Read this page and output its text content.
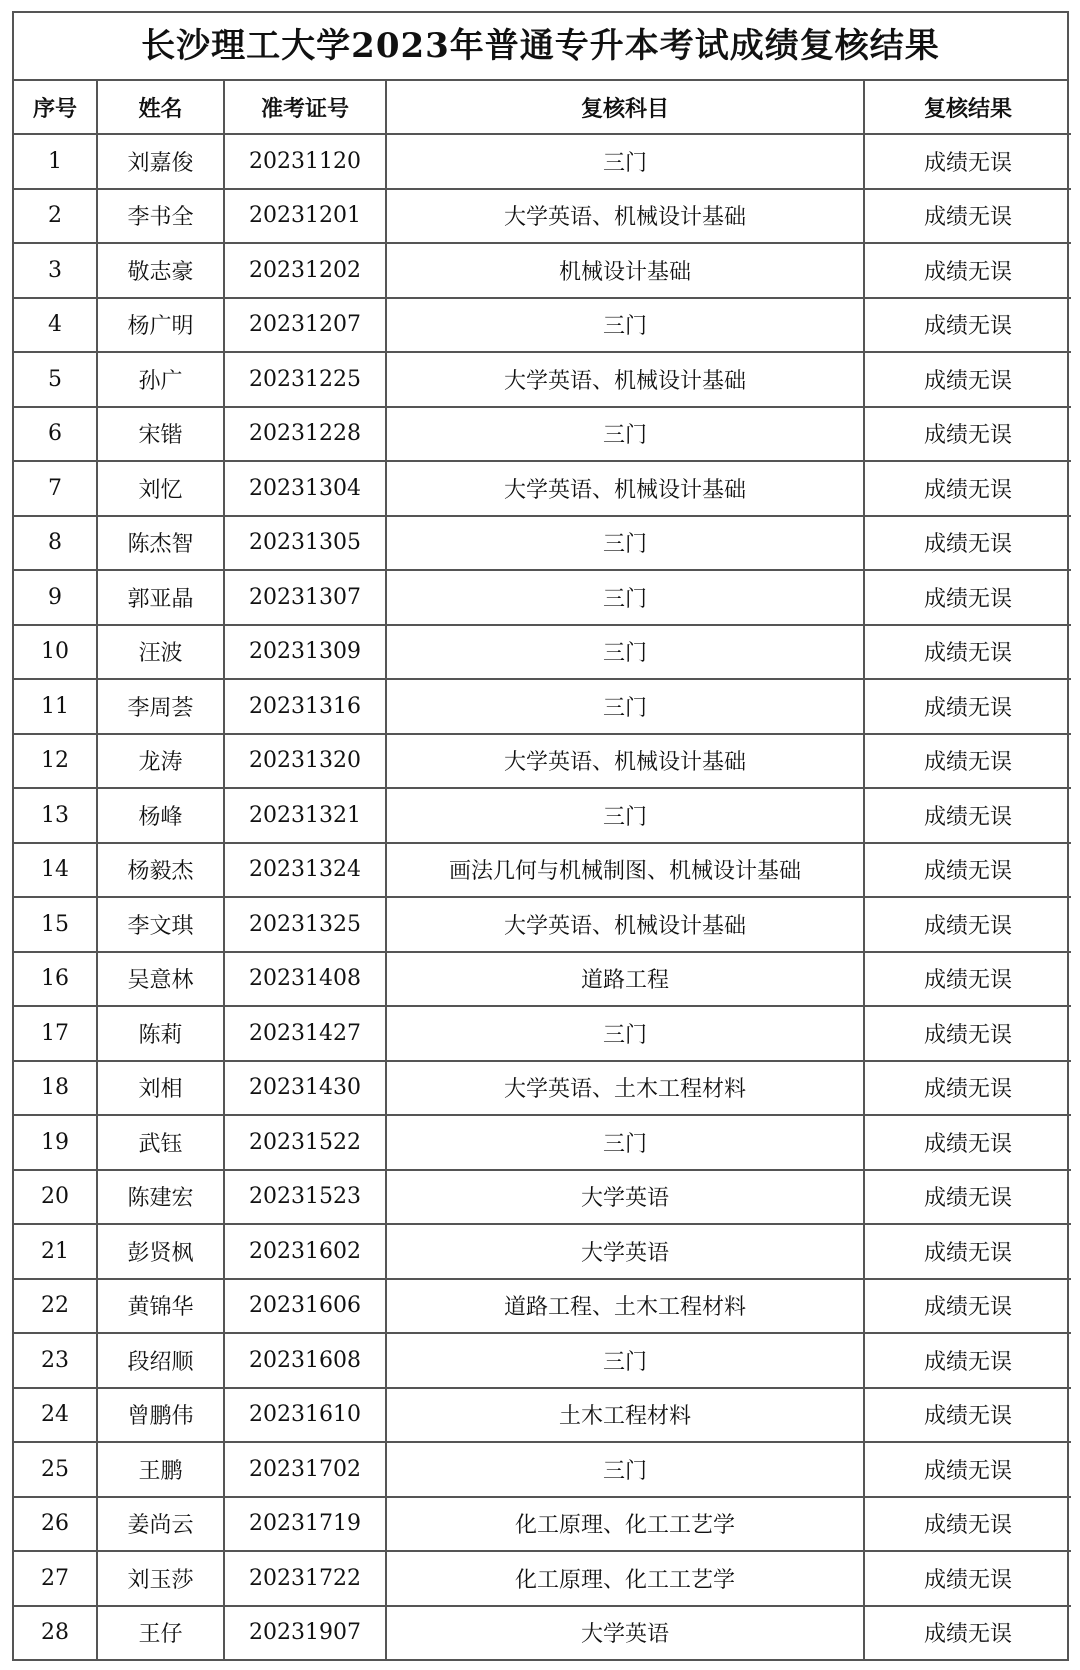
长沙理工大学2023年普通专升本考试成绩复核结果
序号	姓名	准考证号	复核科目	复核结果
1	刘嘉俊	20231120	三门	成绩无误
2	李书全	20231201	大学英语、机械设计基础	成绩无误
3	敬志豪	20231202	机械设计基础	成绩无误
4	杨广明	20231207	三门	成绩无误
5	孙广	20231225	大学英语、机械设计基础	成绩无误
6	宋锴	20231228	三门	成绩无误
7	刘忆	20231304	大学英语、机械设计基础	成绩无误
8	陈杰智	20231305	三门	成绩无误
9	郭亚晶	20231307	三门	成绩无误
10	汪波	20231309	三门	成绩无误
11	李周荟	20231316	三门	成绩无误
12	龙涛	20231320	大学英语、机械设计基础	成绩无误
13	杨峰	20231321	三门	成绩无误
14	杨毅杰	20231324	画法几何与机械制图、机械设计基础	成绩无误
15	李文琪	20231325	大学英语、机械设计基础	成绩无误
16	吴意林	20231408	道路工程	成绩无误
17	陈莉	20231427	三门	成绩无误
18	刘相	20231430	大学英语、土木工程材料	成绩无误
19	武钰	20231522	三门	成绩无误
20	陈建宏	20231523	大学英语	成绩无误
21	彭贤枫	20231602	大学英语	成绩无误
22	黄锦华	20231606	道路工程、土木工程材料	成绩无误
23	段绍顺	20231608	三门	成绩无误
24	曾鹏伟	20231610	土木工程材料	成绩无误
25	王鹏	20231702	三门	成绩无误
26	姜尚云	20231719	化工原理、化工工艺学	成绩无误
27	刘玉莎	20231722	化工原理、化工工艺学	成绩无误
28	王仔	20231907	大学英语	成绩无误
